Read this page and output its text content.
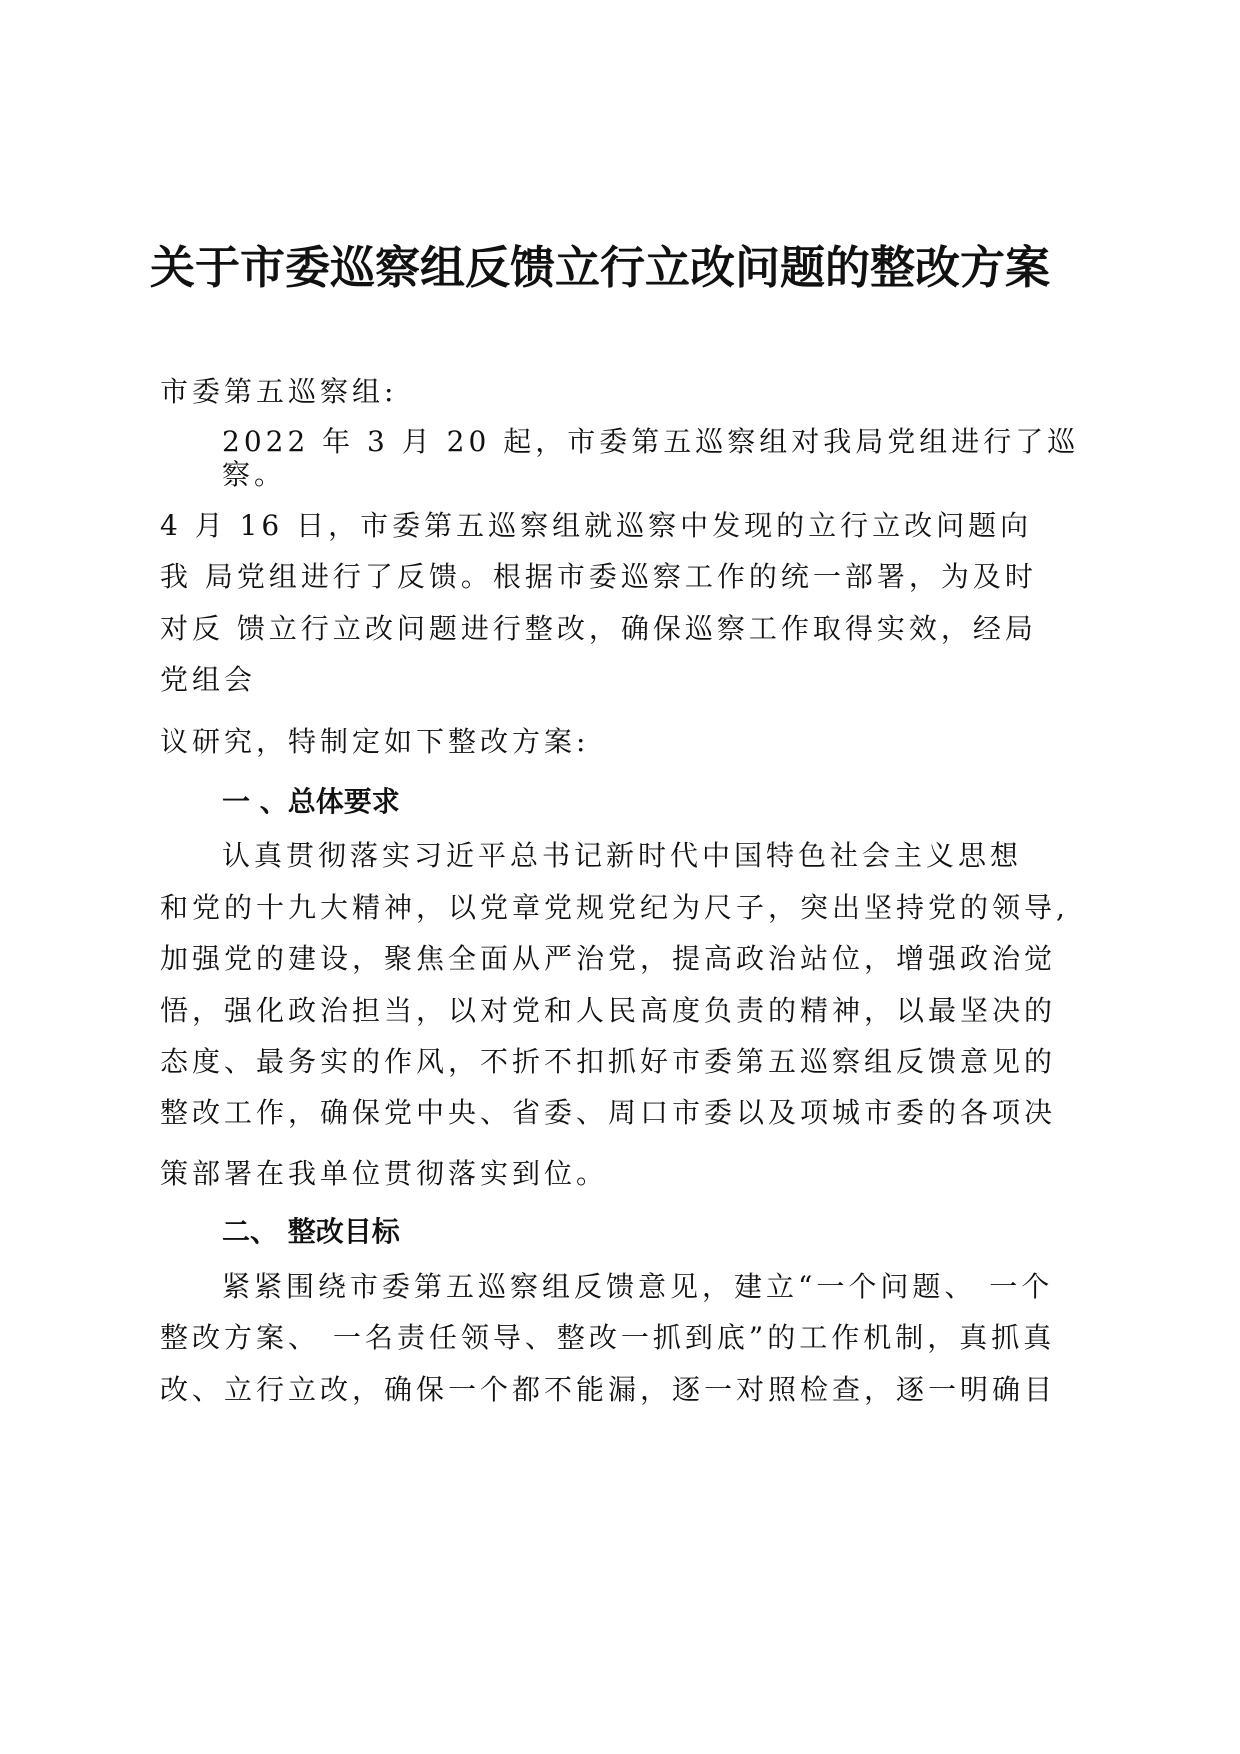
关于市委巡察组反馈立行立改问题的整改方案
市委第五巡察组:
2022 年 3 月 20 起，市委第五巡察组对我局党组进行了巡
察。
4 月 16 日，市委第五巡察组就巡察中发现的立行立改问题向
我 局党组进行了反馈。根据市委巡察工作的统一部署，为及时
对反 馈立行立改问题进行整改，确保巡察工作取得实效，经局
党组会
议研究，特制定如下整改方案:
一 、总体要求
认真贯彻落实习近平总书记新时代中国特色社会主义思想
和党的十九大精神，以党章党规党纪为尺子，突出坚持党的领导,
加强党的建设，聚焦全面从严治党，提高政治站位，增强政治觉
悟，强化政治担当，以对党和人民高度负责的精神，以最坚决的
态度、最务实的作风，不折不扣抓好市委第五巡察组反馈意见的
整改工作，确保党中央、省委、周口市委以及项城市委的各项决
策部署在我单位贯彻落实到位。
二、 整改目标
紧紧围绕市委第五巡察组反馈意见，建立“一个问题、 一个
整改方案、 一名责任领导、整改一抓到底”的工作机制，真抓真
改、立行立改，确保一个都不能漏，逐一对照检查，逐一明确目
